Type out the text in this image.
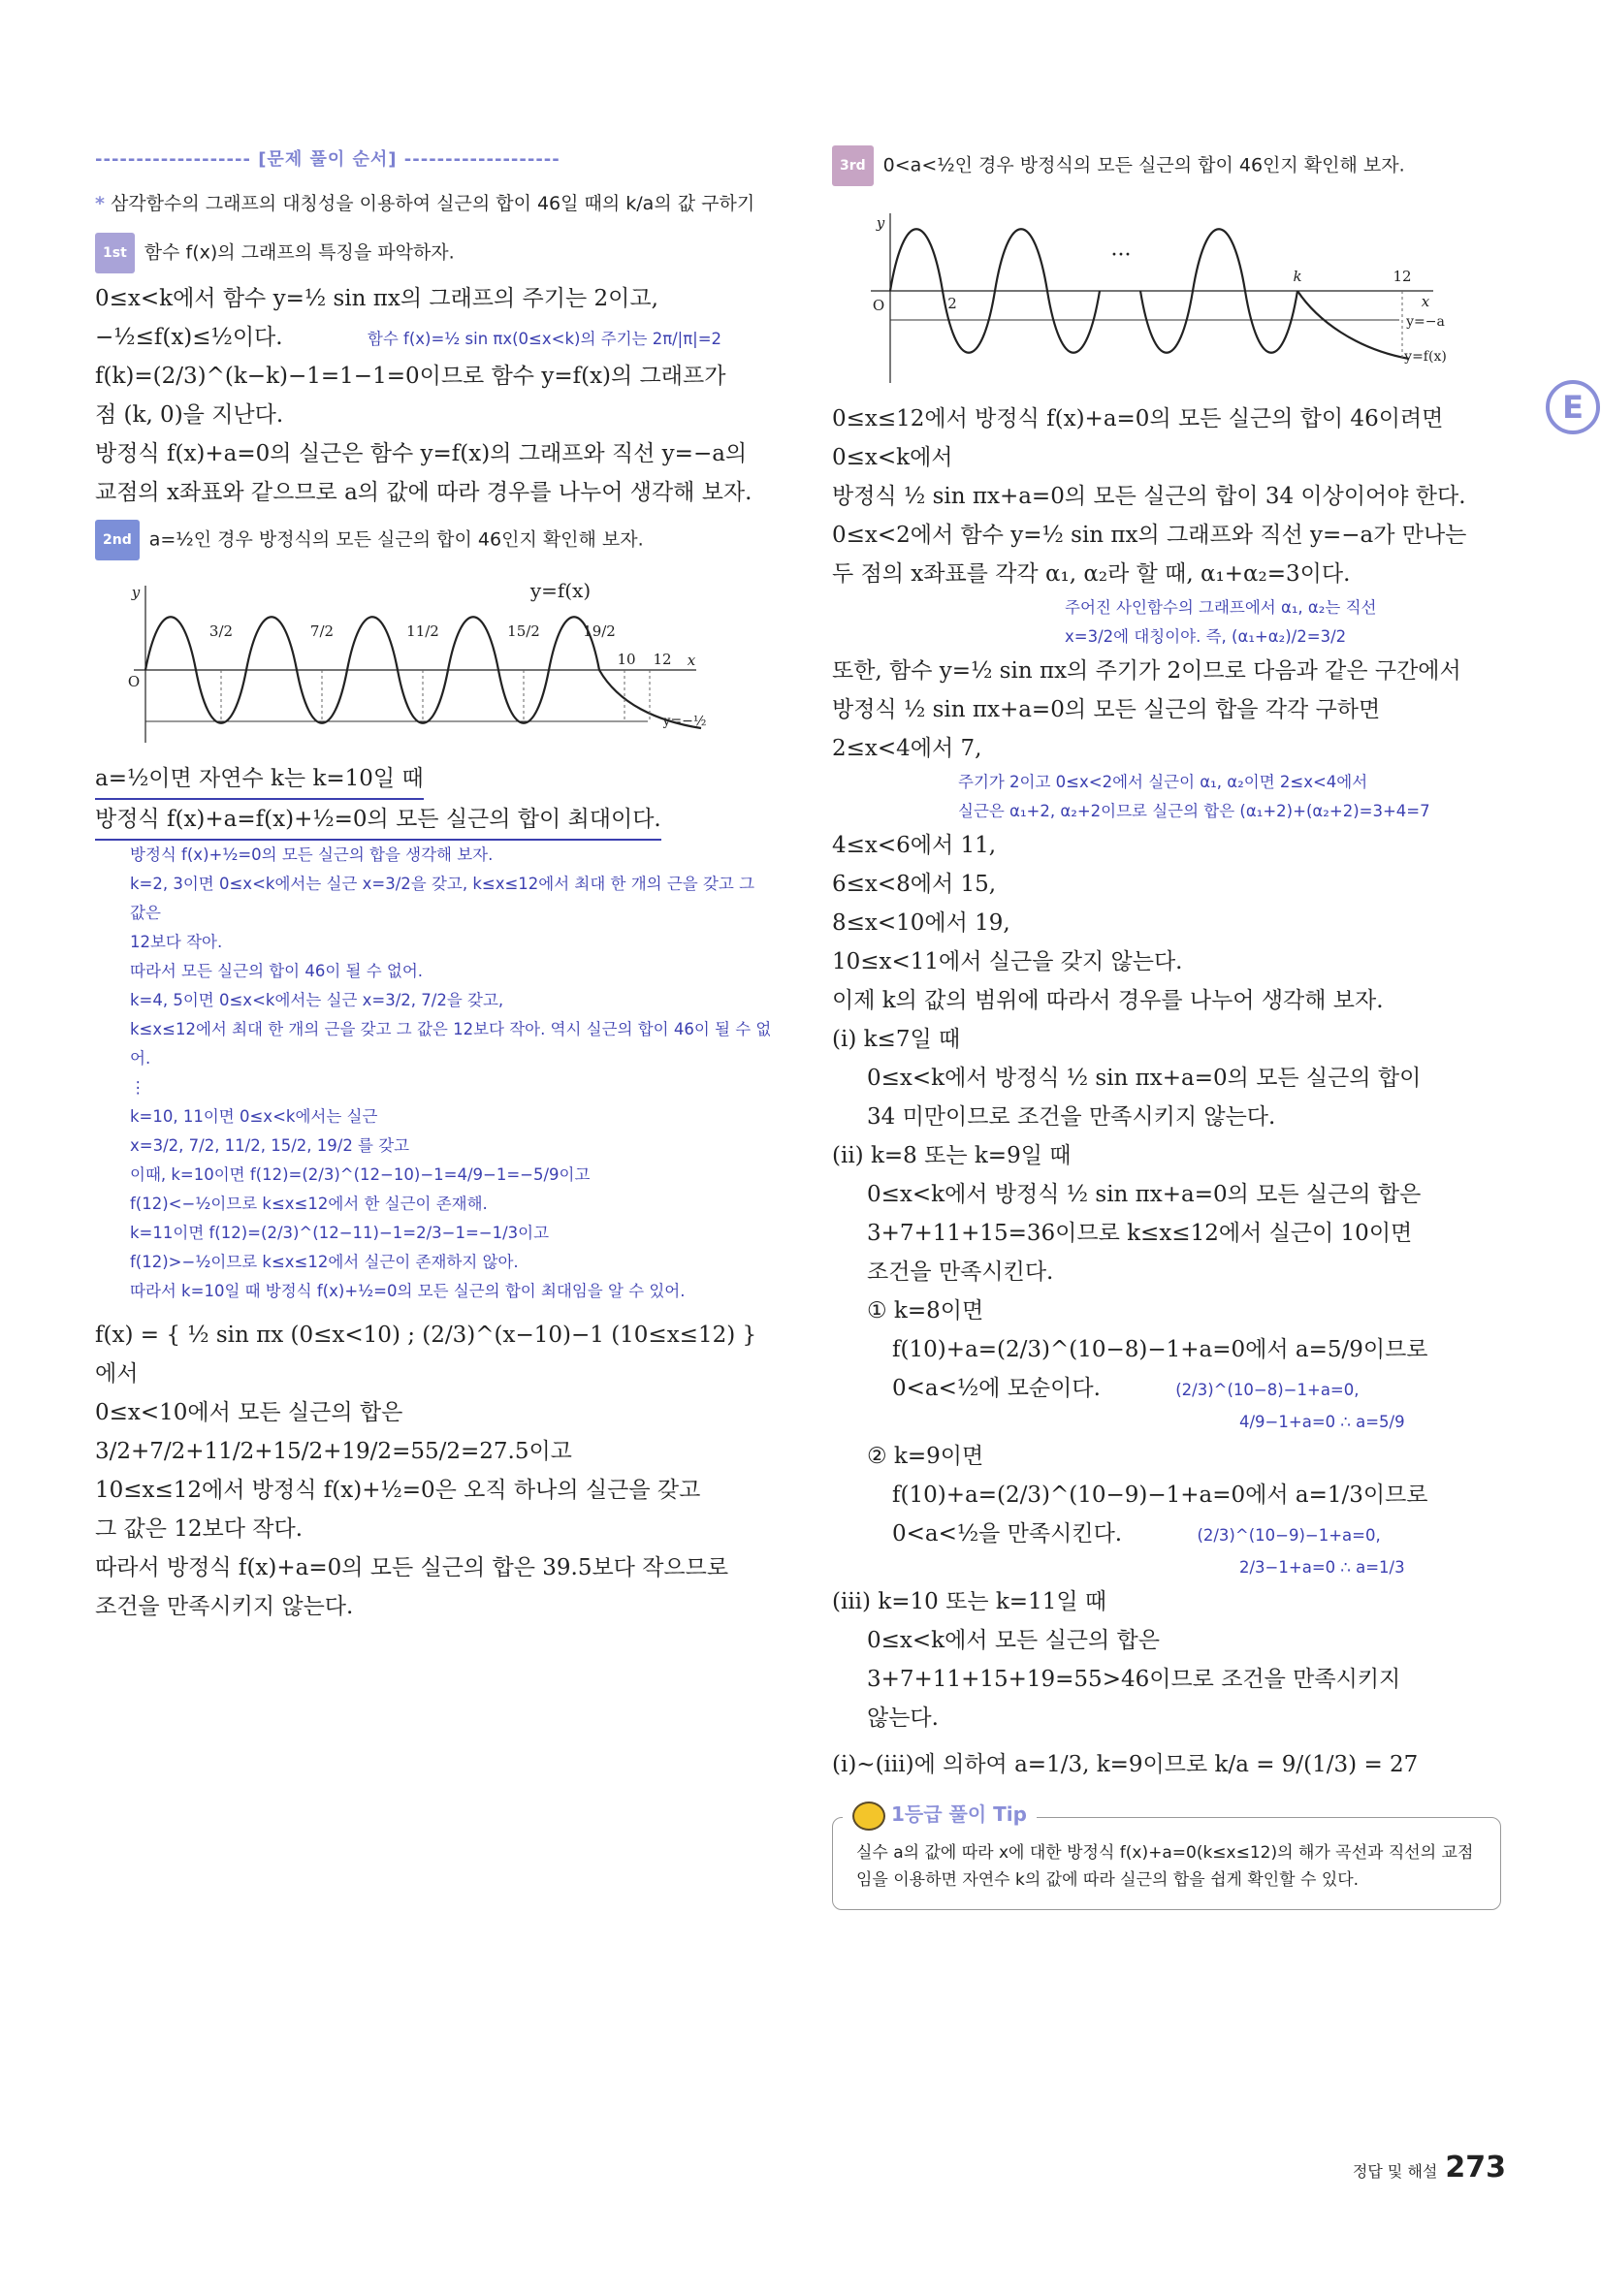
------------------- [문제 풀이 순서] -------------------
* 삼각함수의 그래프의 대칭성을 이용하여 실근의 합이 46일 때의 k/a의 값 구하기
1st 함수 f(x)의 그래프의 특징을 파악하자.

0≤x<k에서 함수 y=½ sin πx의 그래프의 주기는 2이고,

−½≤f(x)≤½이다.	함수 f(x)=½ sin πx(0≤x<k)의 주기는 2π/|π|=2

f(k)=(2/3)^(k−k)−1=1−1=0이므로 함수 y=f(x)의 그래프가

점 (k, 0)을 지난다.

방정식 f(x)+a=0의 실근은 함수 y=f(x)의 그래프와 직선 y=−a의

교점의 x좌표와 같으므로 a의 값에 따라 경우를 나누어 생각해 보자.

2nd a=½인 경우 방정식의 모든 실근의 합이 46인지 확인해 보자.
3/2	7/2	11/2	15/2	19/2
10 12
y=f(x)
O
y
x
y=−½

a=½이면 자연수 k는 k=10일 때

방정식 f(x)+a=f(x)+½=0의 모든 실근의 합이 최대이다.

방정식 f(x)+½=0의 모든 실근의 합을 생각해 보자.

k=2, 3이면 0≤x<k에서는 실근 x=3/2을 갖고, k≤x≤12에서 최대 한 개의 근을 갖고 그 값은

12보다 작아.

따라서 모든 실근의 합이 46이 될 수 없어.

k=4, 5이면 0≤x<k에서는 실근 x=3/2, 7/2을 갖고,

k≤x≤12에서 최대 한 개의 근을 갖고 그 값은 12보다 작아. 역시 실근의 합이 46이 될 수 없어.

⋮

k=10, 11이면 0≤x<k에서는 실근

x=3/2, 7/2, 11/2, 15/2, 19/2 를 갖고

이때, k=10이면 f(12)=(2/3)^(12−10)−1=4/9−1=−5/9이고

f(12)<−½이므로 k≤x≤12에서 한 실근이 존재해.

k=11이면 f(12)=(2/3)^(12−11)−1=2/3−1=−1/3이고

f(12)>−½이므로 k≤x≤12에서 실근이 존재하지 않아.

따라서 k=10일 때 방정식 f(x)+½=0의 모든 실근의 합이 최대임을 알 수 있어.

f(x) = { ½ sin πx (0≤x<10) ; (2/3)^(x−10)−1 (10≤x≤12) } 에서

0≤x<10에서 모든 실근의 합은

3/2+7/2+11/2+15/2+19/2=55/2=27.5이고

10≤x≤12에서 방정식 f(x)+½=0은 오직 하나의 실근을 갖고

그 값은 12보다 작다.

따라서 방정식 f(x)+a=0의 모든 실근의 합은 39.5보다 작으므로

조건을 만족시키지 않는다.

3rd 0<a<½인 경우 방정식의 모든 실근의 합이 46인지 확인해 보자.
···
2
k	12
O
y
x
y=−a
y=f(x)

0≤x≤12에서 방정식 f(x)+a=0의 모든 실근의 합이 46이려면

0≤x<k에서

방정식 ½ sin πx+a=0의 모든 실근의 합이 34 이상이어야 한다.

0≤x<2에서 함수 y=½ sin πx의 그래프와 직선 y=−a가 만나는

두 점의 x좌표를 각각 α₁, α₂라 할 때, α₁+α₂=3이다.

주어진 사인함수의 그래프에서 α₁, α₂는 직선

x=3/2에 대칭이야. 즉, (α₁+α₂)/2=3/2

또한, 함수 y=½ sin πx의 주기가 2이므로 다음과 같은 구간에서

방정식 ½ sin πx+a=0의 모든 실근의 합을 각각 구하면

2≤x<4에서 7,

주기가 2이고 0≤x<2에서 실근이 α₁, α₂이면 2≤x<4에서

실근은 α₁+2, α₂+2이므로 실근의 합은 (α₁+2)+(α₂+2)=3+4=7

4≤x<6에서 11,

6≤x<8에서 15,

8≤x<10에서 19,

10≤x<11에서 실근을 갖지 않는다.

이제 k의 값의 범위에 따라서 경우를 나누어 생각해 보자.

(i) k≤7일 때

0≤x<k에서 방정식 ½ sin πx+a=0의 모든 실근의 합이

34 미만이므로 조건을 만족시키지 않는다.

(ii) k=8 또는 k=9일 때

0≤x<k에서 방정식 ½ sin πx+a=0의 모든 실근의 합은

3+7+11+15=36이므로 k≤x≤12에서 실근이 10이면

조건을 만족시킨다.

① k=8이면

f(10)+a=(2/3)^(10−8)−1+a=0에서 a=5/9이므로

0<a<½에 모순이다.	(2/3)^(10−8)−1+a=0,

4/9−1+a=0 ∴ a=5/9

② k=9이면

f(10)+a=(2/3)^(10−9)−1+a=0에서 a=1/3이므로

0<a<½을 만족시킨다.	(2/3)^(10−9)−1+a=0,

2/3−1+a=0 ∴ a=1/3

(iii) k=10 또는 k=11일 때

0≤x<k에서 모든 실근의 합은

3+7+11+15+19=55>46이므로 조건을 만족시키지

않는다.

(i)~(iii)에 의하여 a=1/3, k=9이므로 k/a = 9/(1/3) = 27

1등급 풀이 Tip

실수 a의 값에 따라 x에 대한 방정식 f(x)+a=0(k≤x≤12)의 해가 곡선과 직선의 교점임을 이용하면 자연수 k의 값에 따라 실근의 합을 쉽게 확인할 수 있다.

E
정답 및 해설 273
